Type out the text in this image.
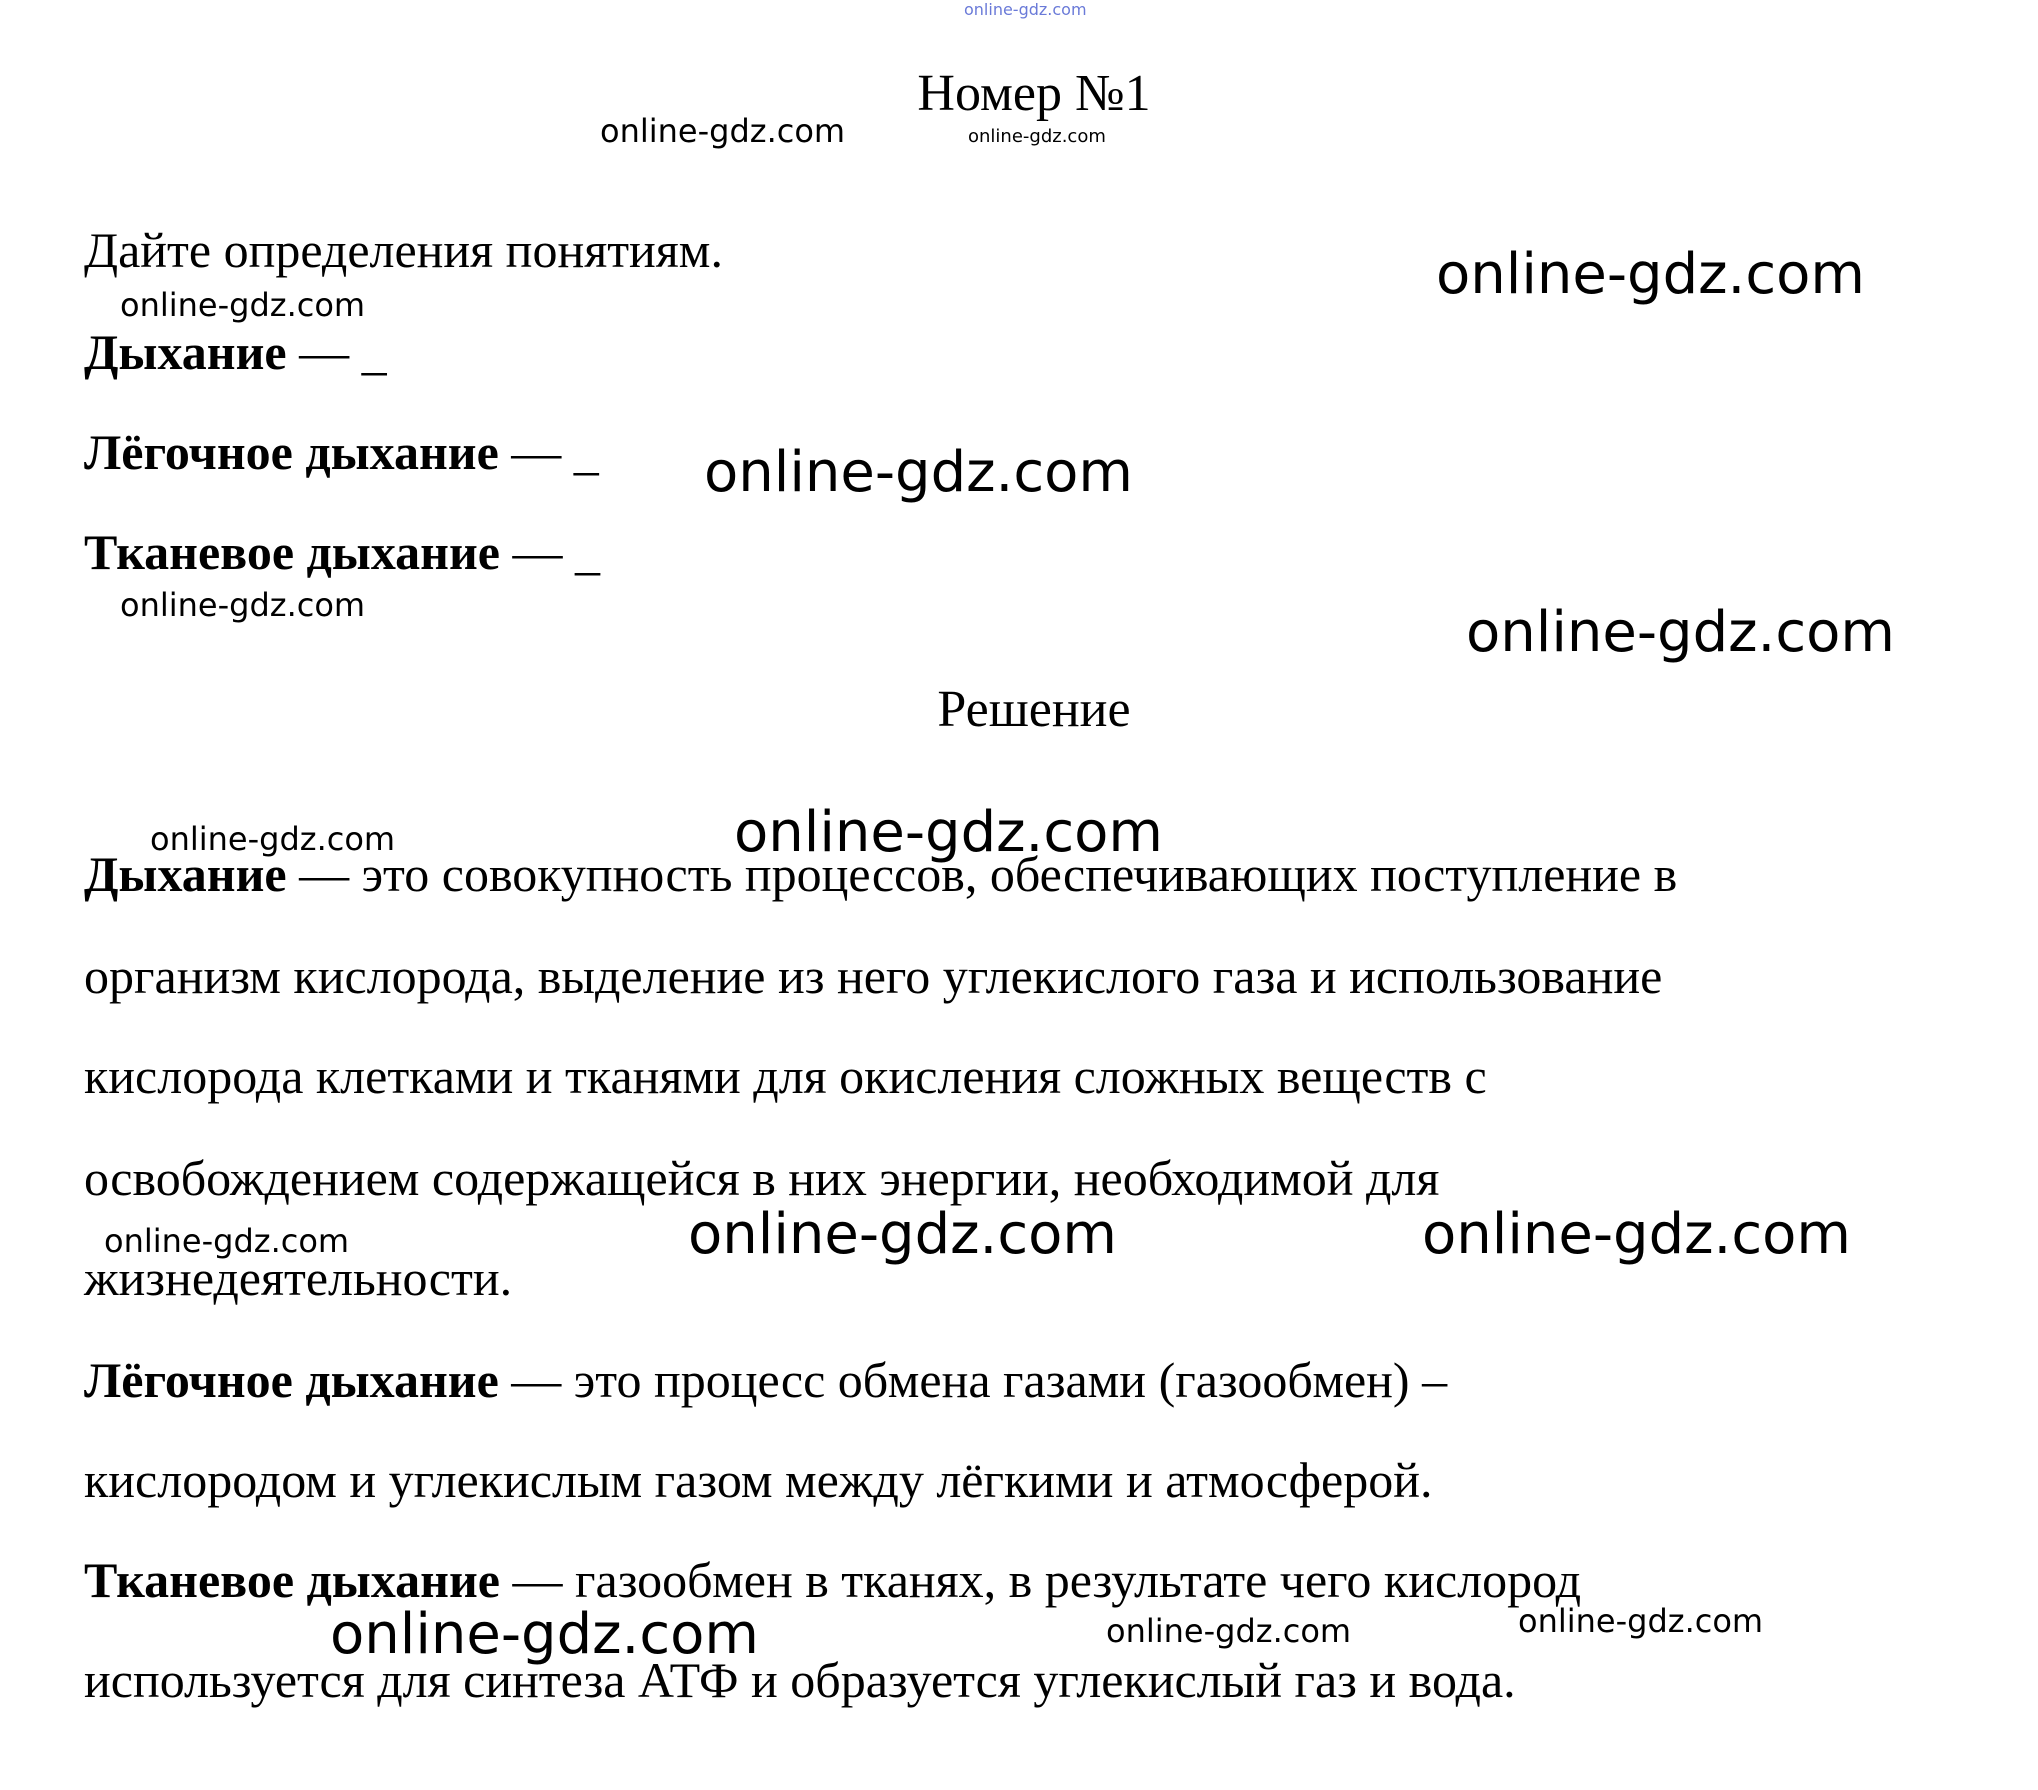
online-gdz.com
online-gdz.com	online-gdz.com
online-gdz.com
online-gdz.com
online-gdz.com
online-gdz.com	online-gdz.com
online-gdz.com	online-gdz.com
online-gdz.com	online-gdz.com	online-gdz.com
online-gdz.com	online-gdz.com	online-gdz.com
Номер №1
Дайте определения понятиям.
Дыхание — _
Лёгочное дыхание — _
Тканевое дыхание — _
Решение
Дыхание — это совокупность процессов, обеспечивающих поступление в
организм кислорода, выделение из него углекислого газа и использование
кислорода клетками и тканями для окисления сложных веществ с
освобождением содержащейся в них энергии, необходимой для
жизнедеятельности.
Лёгочное дыхание — это процесс обмена газами (газообмен) –
кислородом и углекислым газом между лёгкими и атмосферой.
Тканевое дыхание — газообмен в тканях, в результате чего кислород
используется для синтеза АТФ и образуется углекислый газ и вода.
